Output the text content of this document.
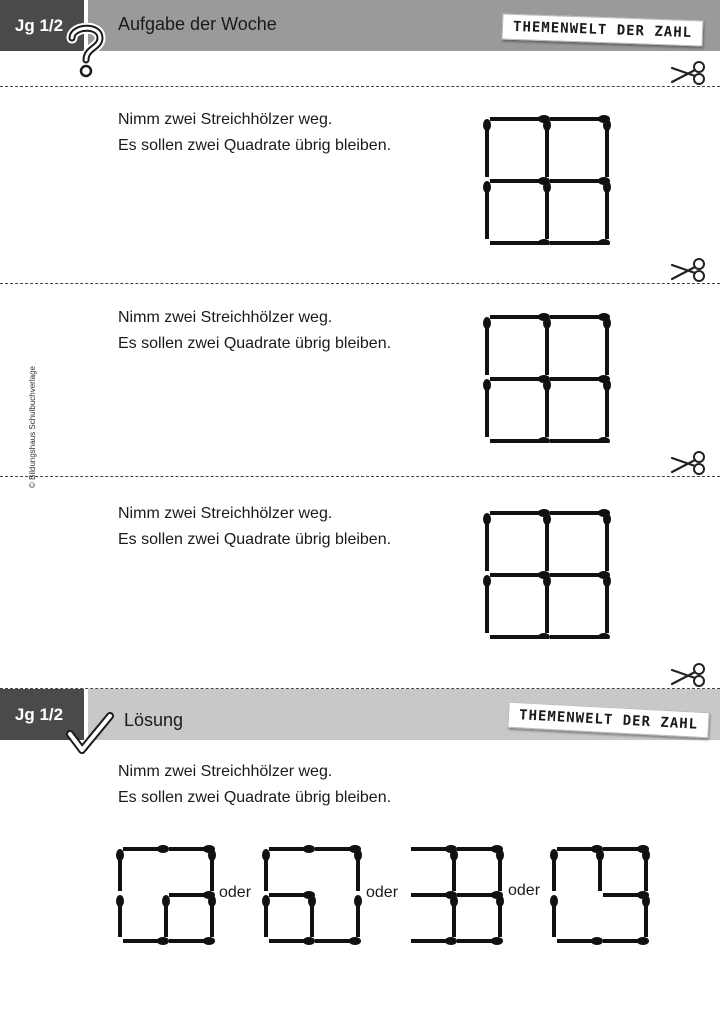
Jg 1/2	Aufgabe der Woche	THEMENWELT DER ZAHL
© Bildungshaus Schulbuchverlage
Nimm zwei Streichhölzer weg.
Es sollen zwei Quadrate übrig bleiben.
Nimm zwei Streichhölzer weg.
Es sollen zwei Quadrate übrig bleiben.
Nimm zwei Streichhölzer weg.
Es sollen zwei Quadrate übrig bleiben.
Jg 1/2	Lösung	THEMENWELT DER ZAHL
Nimm zwei Streichhölzer weg.
Es sollen zwei Quadrate übrig bleiben.
oder	oder	oder
